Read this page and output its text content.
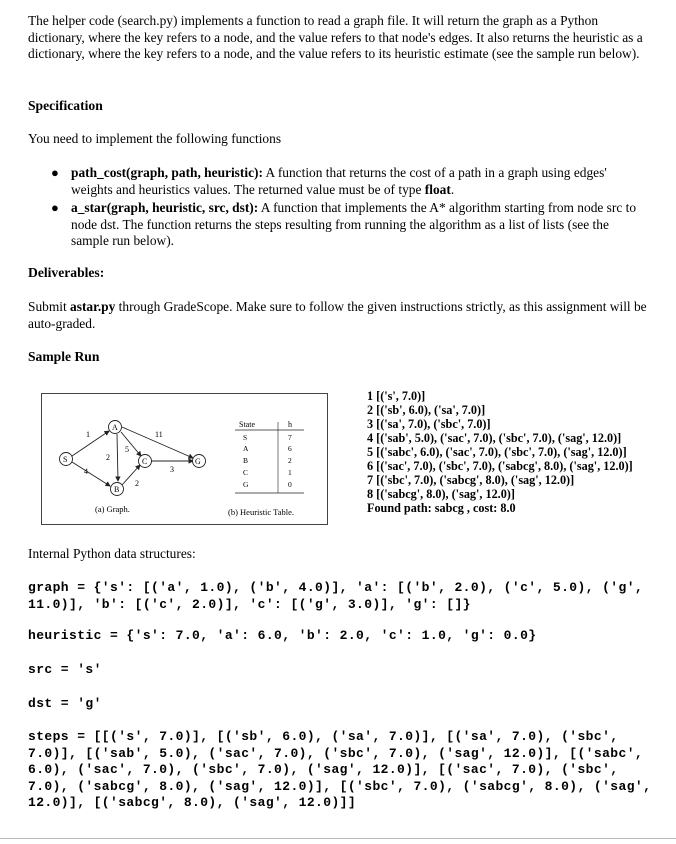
The helper code (search.py) implements a function to read a graph file. It will return the graph as a Python dictionary, where the key refers to a node, and the value refers to that node's edges. It also returns the heuristic as a dictionary, where the key refers to a node, and the value refers to its heuristic estimate (see the sample run below).

Specification

You need to implement the following functions

● path_cost(graph, path, heuristic): A function that returns the cost of a path in a graph using edges' weights and heuristics values. The returned value must be of type float.
● a_star(graph, heuristic, src, dst): A function that implements the A* algorithm starting from node src to node dst. The function returns the steps resulting from running the algorithm as a list of lists (see the sample run below).

Deliverables:

Submit astar.py through GradeScope. Make sure to follow the given instructions strictly, as this assignment will be auto-graded.

Sample Run

1
5
11
2
4	3
2
S
A
B
C	G
(a) Graph.
State	h
S	7
A	6
B	2
C	1
G	0
(b) Heuristic Table.
1 [('s', 7.0)]
2 [('sb', 6.0), ('sa', 7.0)]
3 [('sa', 7.0), ('sbc', 7.0)]
4 [('sab', 5.0), ('sac', 7.0), ('sbc', 7.0), ('sag', 12.0)]
5 [('sabc', 6.0), ('sac', 7.0), ('sbc', 7.0), ('sag', 12.0)]
6 [('sac', 7.0), ('sbc', 7.0), ('sabcg', 8.0), ('sag', 12.0)]
7 [('sbc', 7.0), ('sabcg', 8.0), ('sag', 12.0)]
8 [('sabcg', 8.0), ('sag', 12.0)]
Found path: sabcg , cost: 8.0

Internal Python data structures:

graph = {'s': [('a', 1.0), ('b', 4.0)], 'a': [('b', 2.0), ('c', 5.0), ('g', 11.0)], 'b': [('c', 2.0)], 'c': [('g', 3.0)], 'g': []}

heuristic = {'s': 7.0, 'a': 6.0, 'b': 2.0, 'c': 1.0, 'g': 0.0}

src = 's'

dst = 'g'

steps = [[('s', 7.0)], [('sb', 6.0), ('sa', 7.0)], [('sa', 7.0), ('sbc', 7.0)], [('sab', 5.0), ('sac', 7.0), ('sbc', 7.0), ('sag', 12.0)], [('sabc', 6.0), ('sac', 7.0), ('sbc', 7.0), ('sag', 12.0)], [('sac', 7.0), ('sbc', 7.0), ('sabcg', 8.0), ('sag', 12.0)], [('sbc', 7.0), ('sabcg', 8.0), ('sag', 12.0)], [('sabcg', 8.0), ('sag', 12.0)]]
